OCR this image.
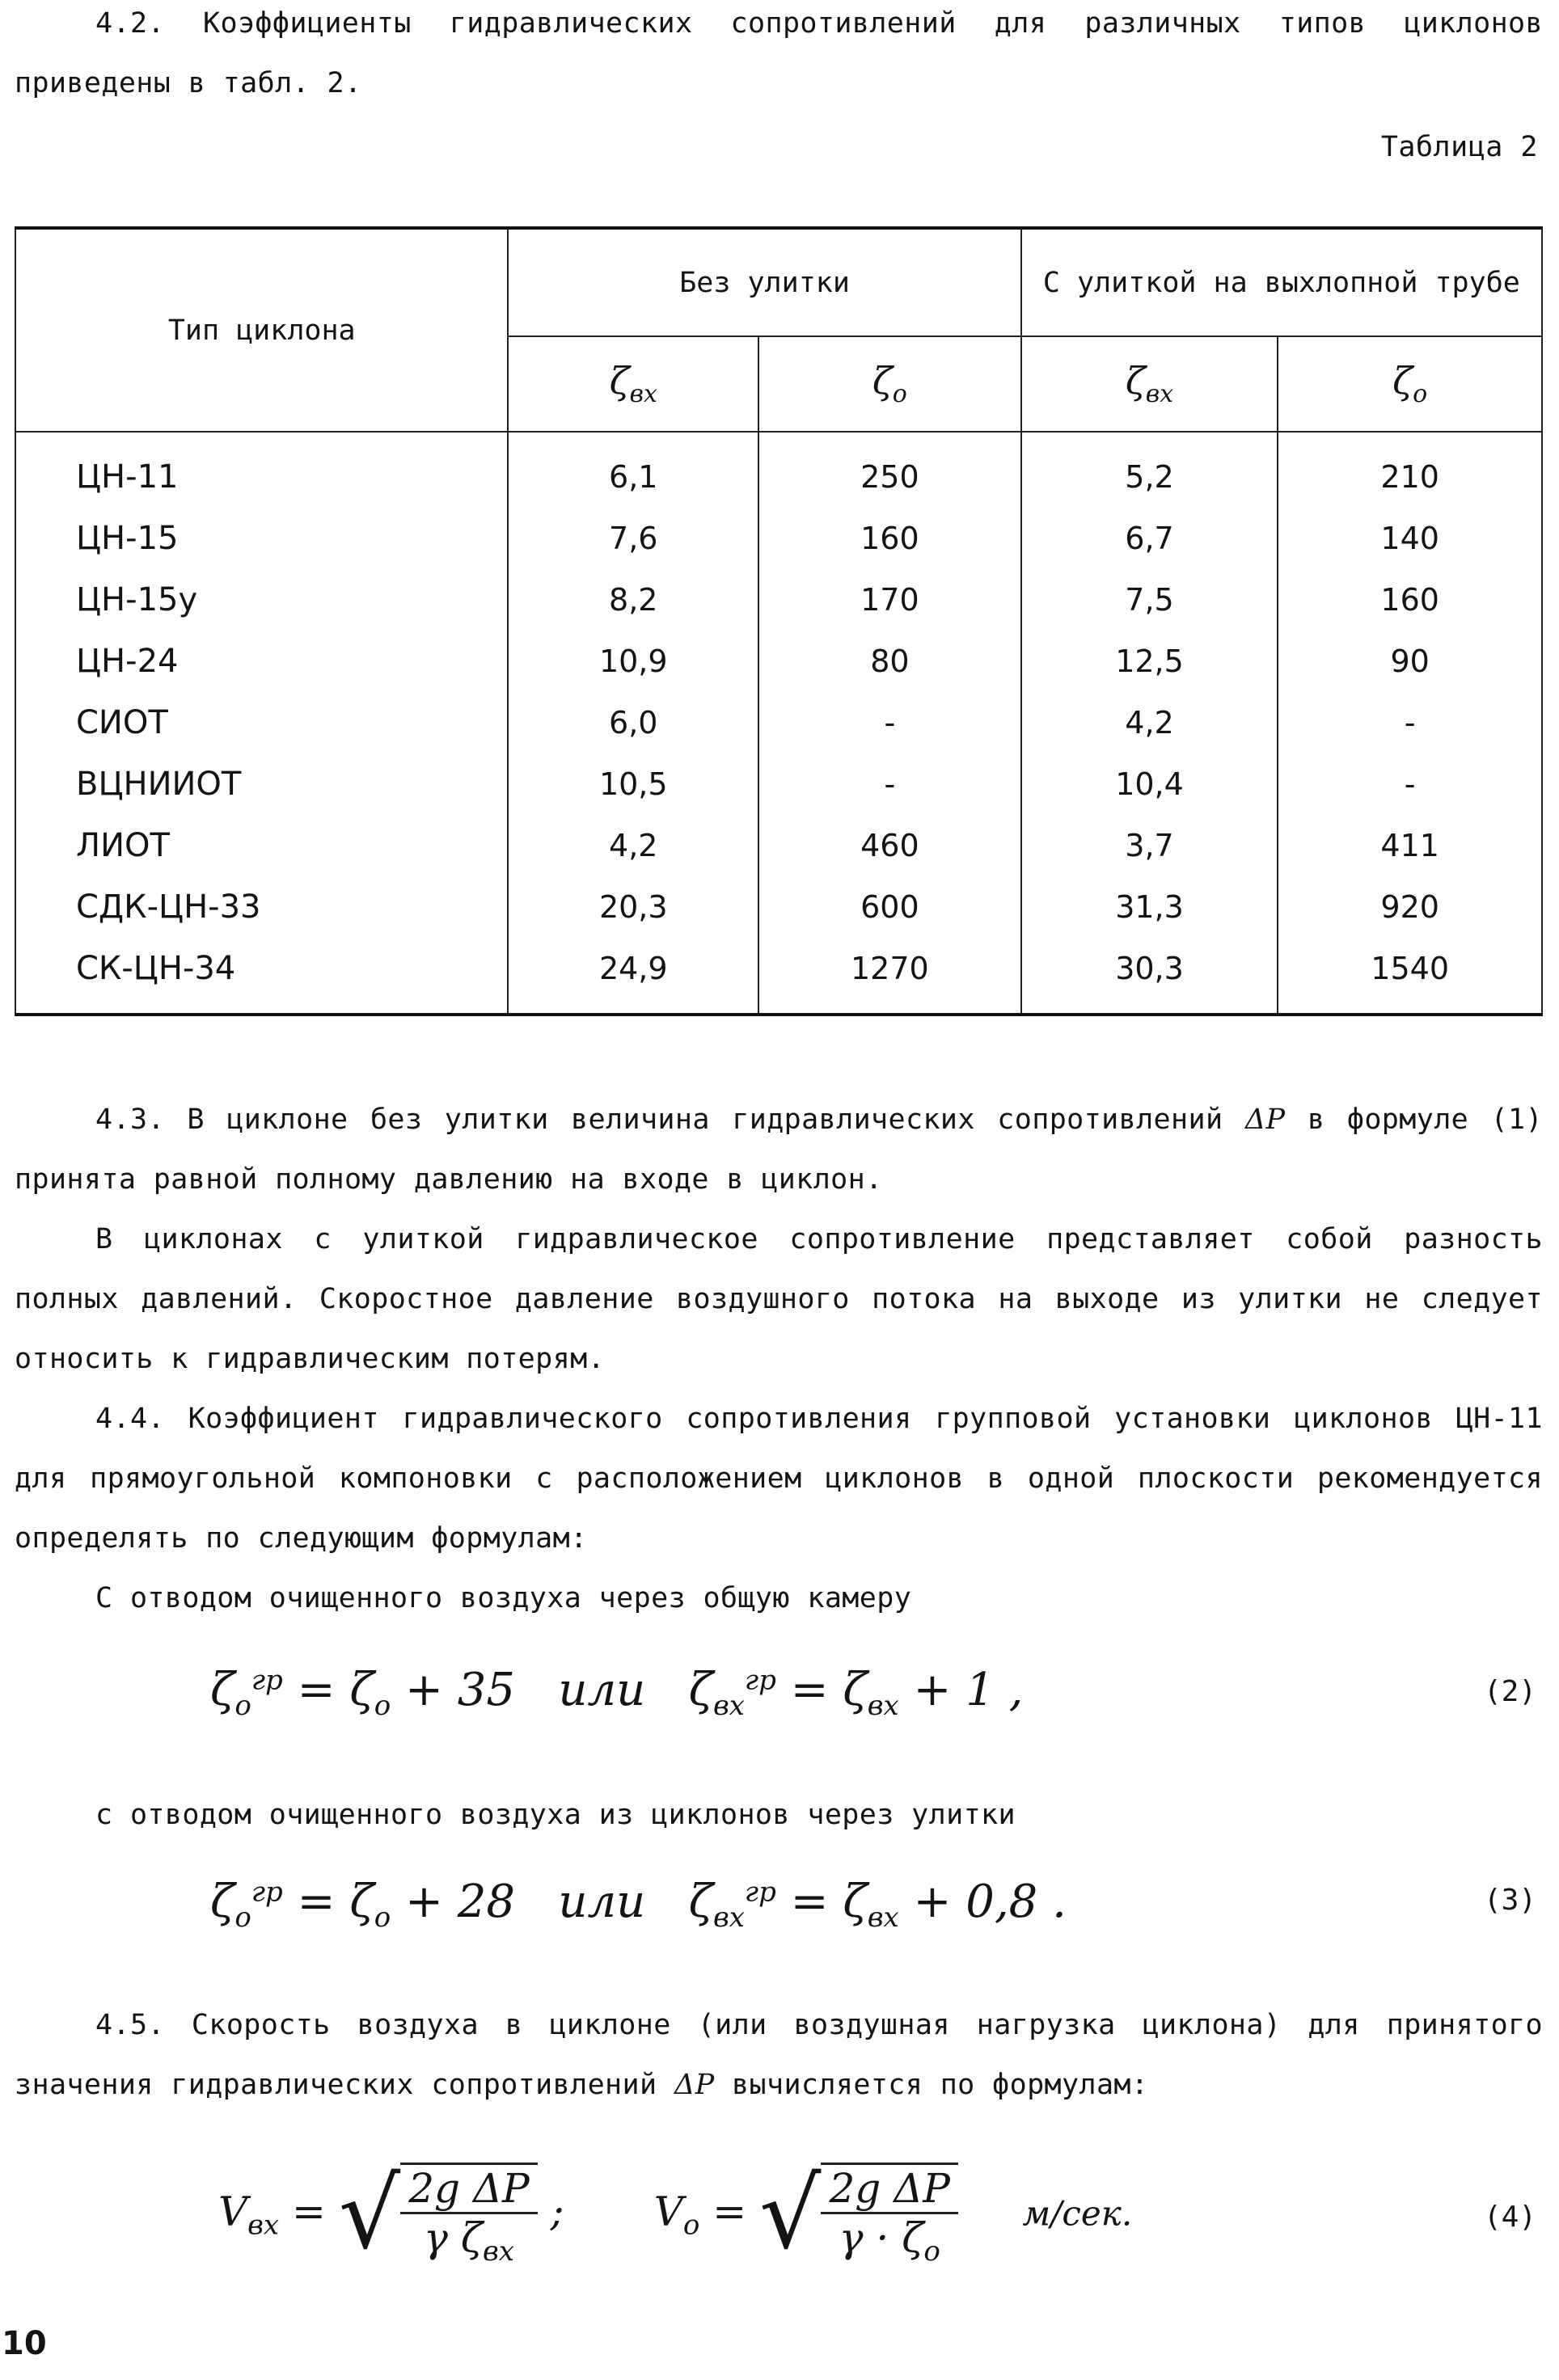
4.2. Коэффициенты гидравлических сопротивлений для различных типов циклонов приведены в табл. 2.

Таблица 2
Тип циклона	Без улитки		С улиткой на выхлопной трубе	
	$\zeta_{вх}$	$\zeta_о$	$\zeta_{вх}$	$\zeta_о$
ЦН-11	6,1	250	5,2	210
ЦН-15	7,6	160	6,7	140
ЦН-15у	8,2	170	7,5	160
ЦН-24	10,9	80	12,5	90
СИОТ	6,0	-	4,2	-
ВЦНИИОТ	10,5	-	10,4	-
ЛИОТ	4,2	460	3,7	411
СДК-ЦН-33	20,3	600	31,3	920
СК-ЦН-34	24,9	1270	30,3	1540

4.3. В циклоне без улитки величина гидравлических сопротивлений ΔP в формуле (1) принята равной полному давлению на входе в циклон.

В циклонах с улиткой гидравлическое сопротивление представляет собой разность полных давлений. Скоростное давление воздушного потока на выходе из улитки не следует относить к гидравлическим потерям.

4.4. Коэффициент гидравлического сопротивления групповой установки циклонов ЦН-11 для прямоугольной компоновки с расположением циклонов в одной плоскости рекомендуется определять по следующим формулам:

С отводом очищенного воздуха через общую камеру

$\zeta_о^{гр} = \zeta_о + 35$ или $\zeta_{вх}^{гр} = \zeta_{вх} + 1$ ,	(2)

с отводом очищенного воздуха из циклонов через улитки

$\zeta_о^{гр} = \zeta_о + 28$ или $\zeta_{вх}^{гр} = \zeta_{вх} + 0,8$ .	(3)

4.5. Скорость воздуха в циклоне (или воздушная нагрузка циклона) для принятого значения гидравлических сопротивлений ΔP вычисляется по формулам:

$V_{вх}$ = √ $\frac{\text{2g ΔP}}{\gamma \zeta_{вх}}$ ; $V_о$ = √ $\frac{\text{2g ΔP}}{\gamma \cdot \zeta_о} м/сек$.	(4)
10
